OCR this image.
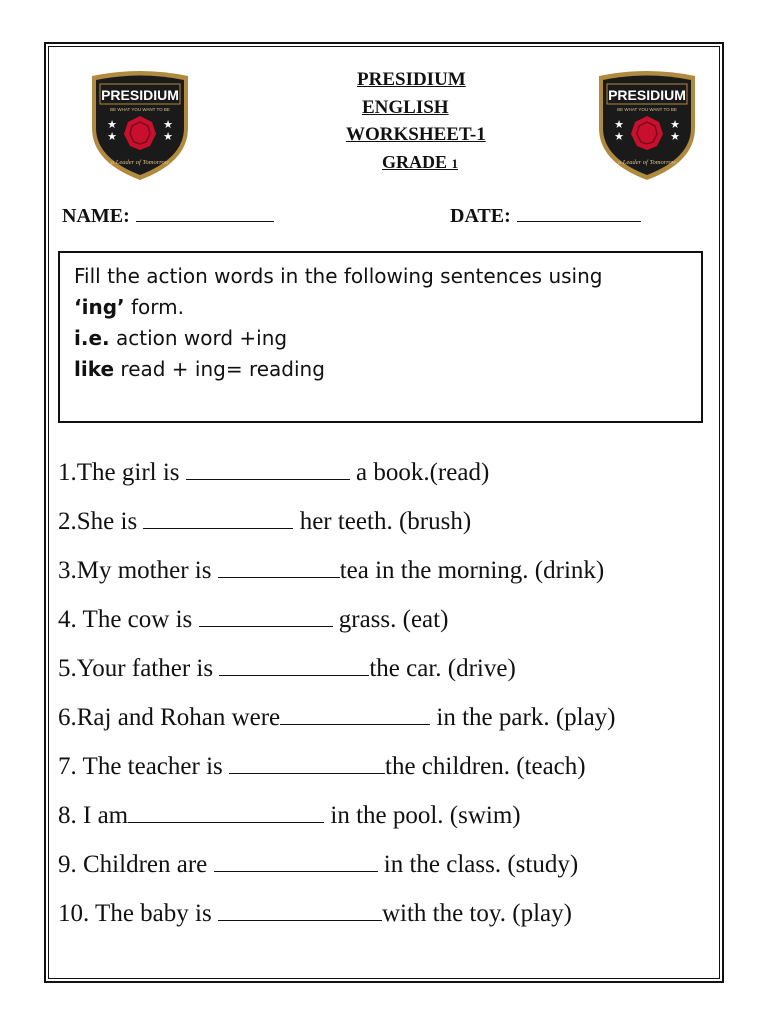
PRESIDIUM
BE WHAT YOU WANT TO BE
★
★
★
★
a Leader of Tomorrow
PRESIDIUM
BE WHAT YOU WANT TO BE
★
★
★
★
a Leader of Tomorrow
PRESIDIUM
ENGLISH
WORKSHEET-1
GRADE 1
NAME:	DATE:
Fill the action words in the following sentences using
‘ing’ form.
i.e. action word +ing
like read + ing= reading
1.The girl is	a book.(read)
2.She is	her teeth. (brush)
3.My mother is	tea in the morning. (drink)
4. The cow is	grass. (eat)
5.Your father is	the car. (drive)
6.Raj and Rohan were	in the park. (play)
7. The teacher is	the children. (teach)
8. I am	in the pool. (swim)
9. Children are	in the class. (study)
10. The baby is	with the toy. (play)
